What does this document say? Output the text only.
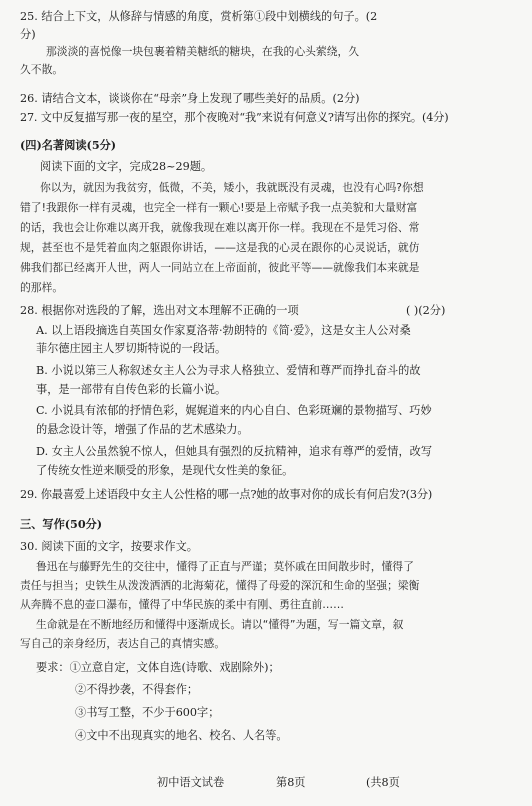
25. 结合上下文，从修辞与情感的角度，赏析第①段中划横线的句子。(2
分)
那淡淡的喜悦像一块包裹着精美糖纸的糖块，在我的心头萦绕，久
久不散。
26. 请结合文本，谈谈你在“母亲”身上发现了哪些美好的品质。(2分)
27. 文中反复描写那一夜的星空，那个夜晚对“我”来说有何意义?请写出你的探究。(4分)
(四)名著阅读(5分)
阅读下面的文字，完成28~29题。
你以为，就因为我贫穷，低微，不美，矮小，我就既没有灵魂，也没有心吗?你想
错了!我跟你一样有灵魂，也完全一样有一颗心!要是上帝赋予我一点美貌和大量财富
的话，我也会让你难以离开我，就像我现在难以离开你一样。我现在不是凭习俗、常
规，甚至也不是凭着血肉之躯跟你讲话，——这是我的心灵在跟你的心灵说话，就仿
佛我们都已经离开人世，两人一同站立在上帝面前，彼此平等——就像我们本来就是
的那样。
28. 根据你对选段的了解，选出对文本理解不正确的一项	( )(2分)
A. 以上语段摘选自英国女作家夏洛蒂·勃朗特的《简·爱》，这是女主人公对桑
菲尔德庄园主人罗切斯特说的一段话。
B. 小说以第三人称叙述女主人公为寻求人格独立、爱情和尊严而挣扎奋斗的故
事，是一部带有自传色彩的长篇小说。
C. 小说具有浓郁的抒情色彩，娓娓道来的内心自白、色彩斑斓的景物描写、巧妙
的悬念设计等，增强了作品的艺术感染力。
D. 女主人公虽然貌不惊人，但她具有强烈的反抗精神，追求有尊严的爱情，改写
了传统女性逆来顺受的形象，是现代女性美的象征。
29. 你最喜爱上述语段中女主人公性格的哪一点?她的故事对你的成长有何启发?(3分)
三、写作(50分)
30. 阅读下面的文字，按要求作文。
鲁迅在与藤野先生的交往中，懂得了正直与严谨；莫怀戚在田间散步时，懂得了
责任与担当；史铁生从泼泼洒洒的北海菊花，懂得了母爱的深沉和生命的坚强；梁衡
从奔腾不息的壶口瀑布，懂得了中华民族的柔中有刚、勇往直前……
生命就是在不断地经历和懂得中逐渐成长。请以“懂得”为题，写一篇文章，叙
写自己的亲身经历，表达自己的真情实感。
要求：①立意自定，文体自选(诗歌、戏剧除外)；
②不得抄袭，不得套作；
③书写工整，不少于600字；
④文中不出现真实的地名、校名、人名等。
初中语文试卷	第8页	(共8页
